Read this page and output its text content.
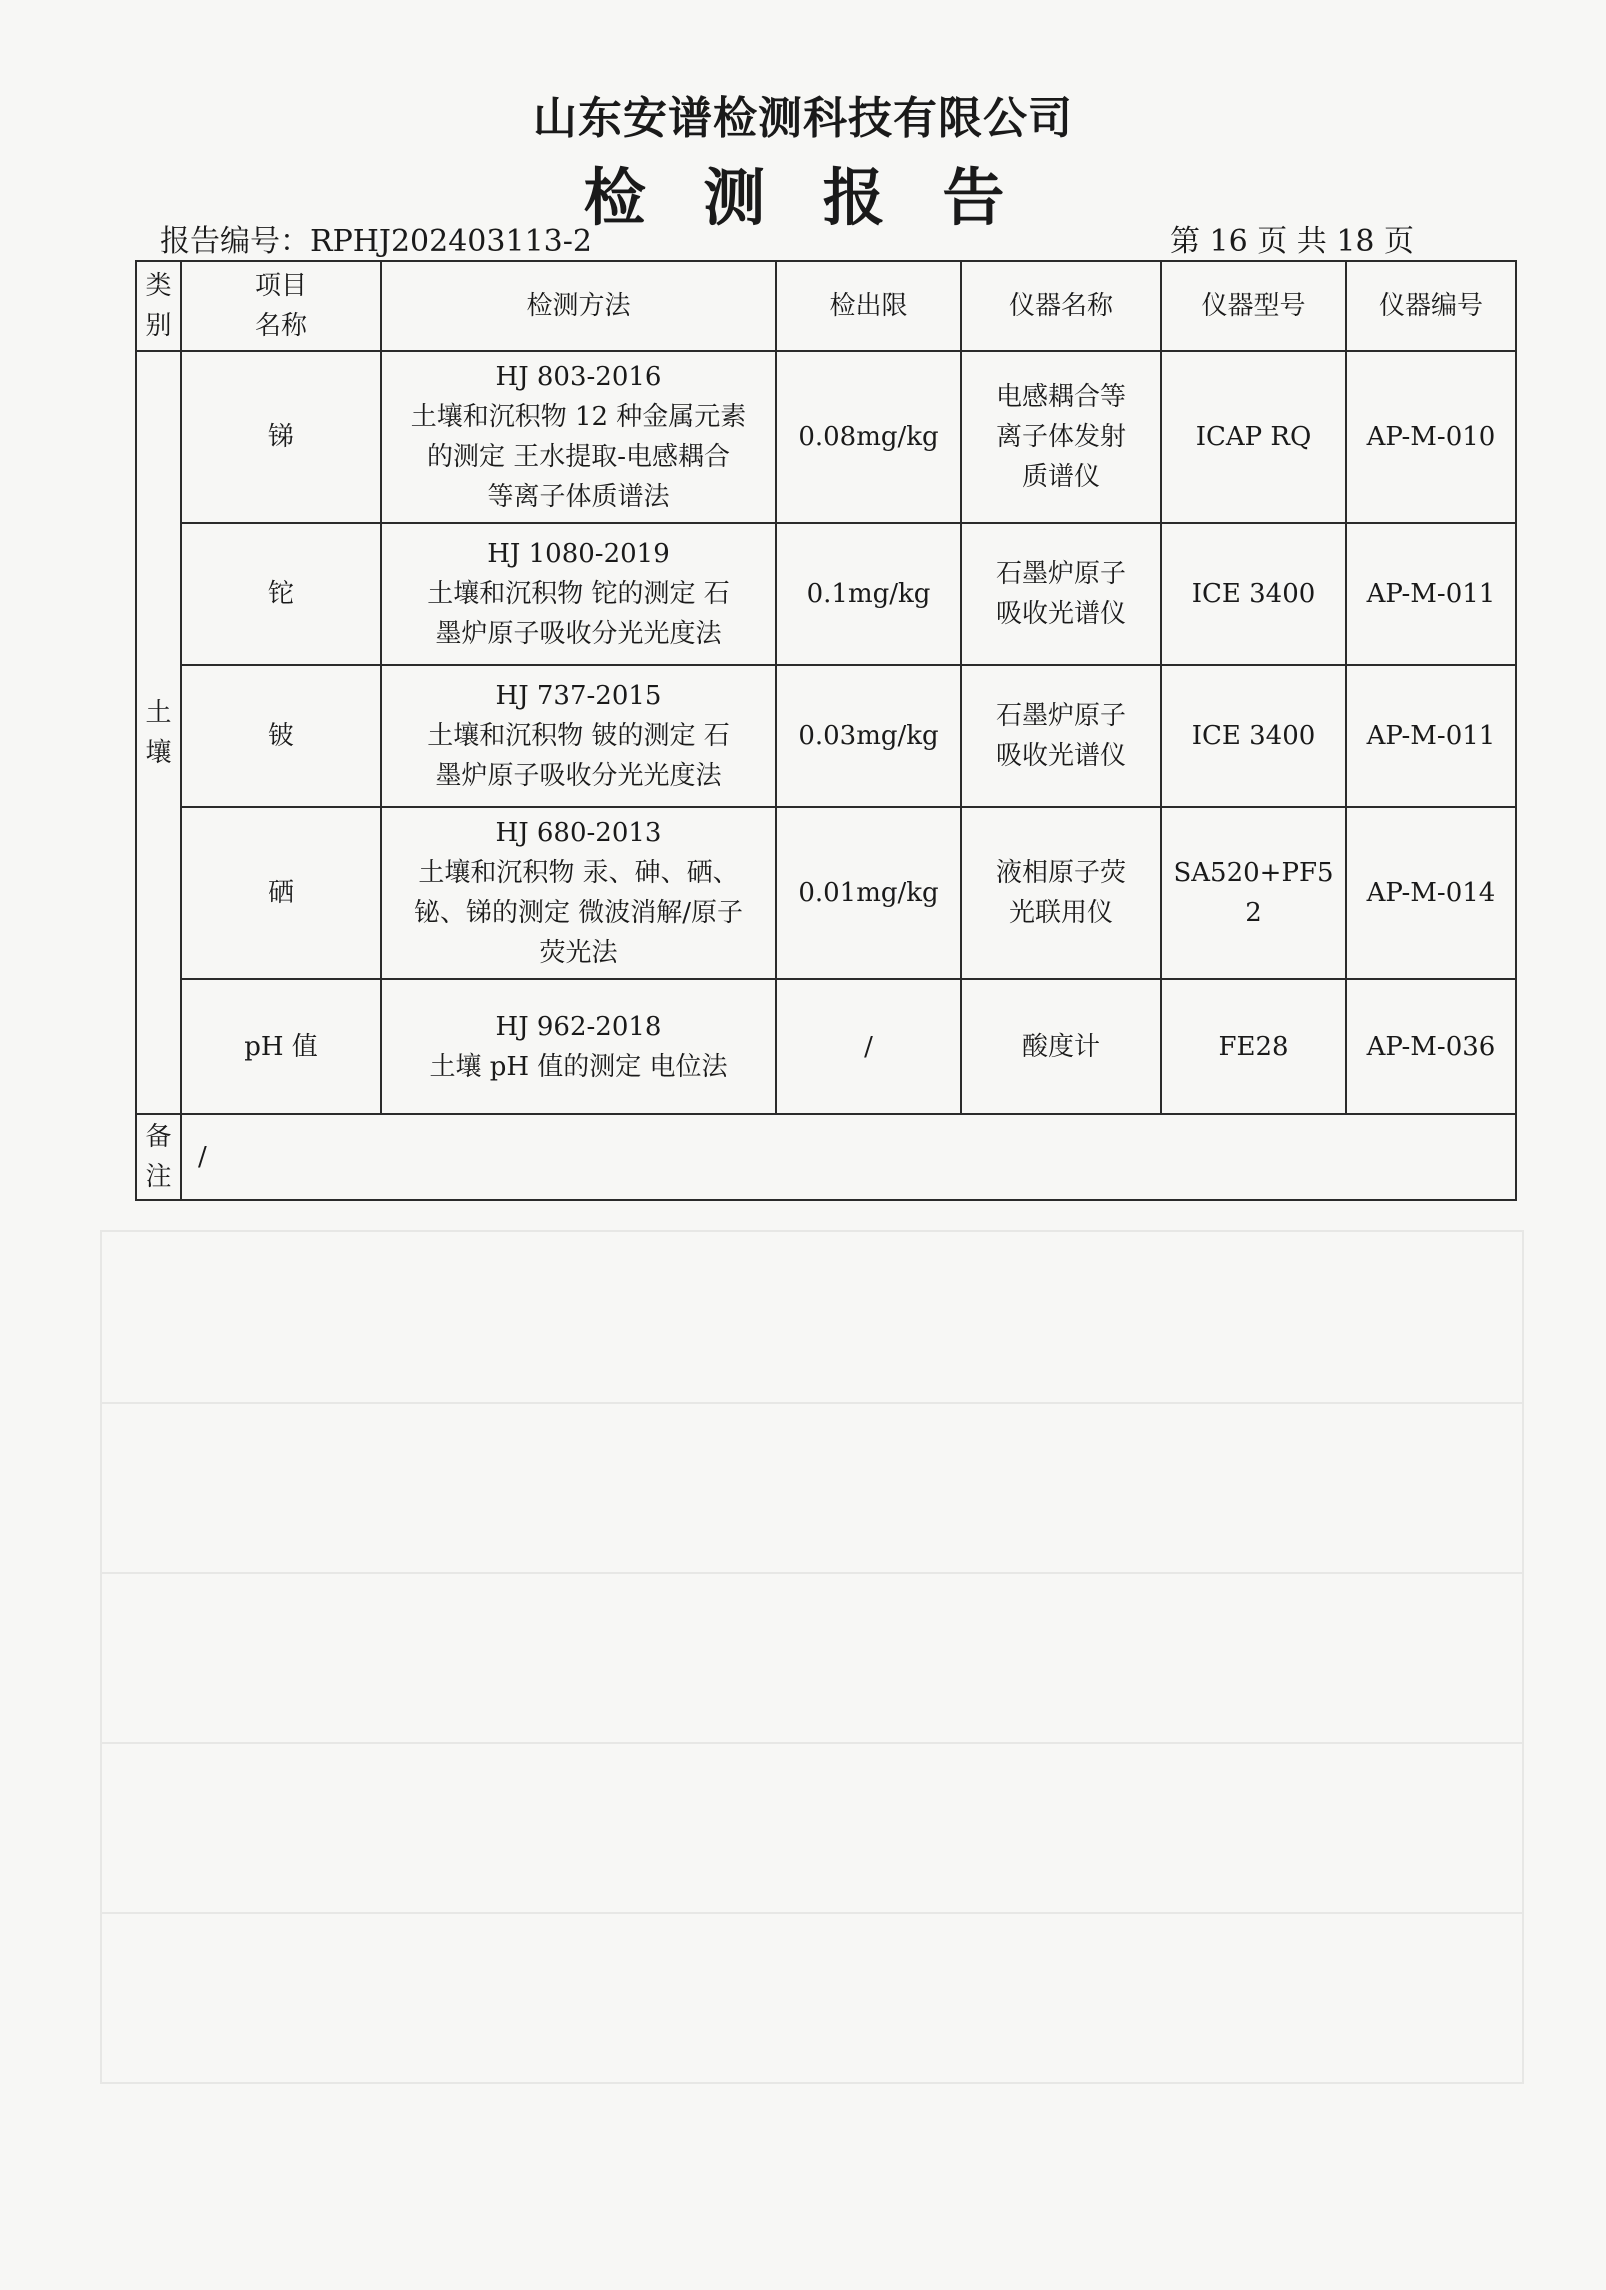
山东安谱检测科技有限公司
检 测 报 告
报告编号：RPHJ202403113-2	第 16 页 共 18 页
类
别	项目
名称	检测方法	检出限	仪器名称	仪器型号	仪器编号
土
壤	锑	HJ 803-2016
土壤和沉积物 12 种金属元素
的测定 王水提取-电感耦合
等离子体质谱法	0.08mg/kg	电感耦合等
离子体发射
质谱仪	ICAP RQ	AP-M-010
	铊	HJ 1080-2019
土壤和沉积物 铊的测定 石
墨炉原子吸收分光光度法	0.1mg/kg	石墨炉原子
吸收光谱仪	ICE 3400	AP-M-011
	铍	HJ 737-2015
土壤和沉积物 铍的测定 石
墨炉原子吸收分光光度法	0.03mg/kg	石墨炉原子
吸收光谱仪	ICE 3400	AP-M-011
	硒	HJ 680-2013
土壤和沉积物 汞、砷、硒、
铋、锑的测定 微波消解/原子
荧光法	0.01mg/kg	液相原子荧
光联用仪	SA520+PF5
2	AP-M-014
	pH 值	HJ 962-2018
土壤 pH 值的测定 电位法	/	酸度计	FE28	AP-M-036
备
注	/					
